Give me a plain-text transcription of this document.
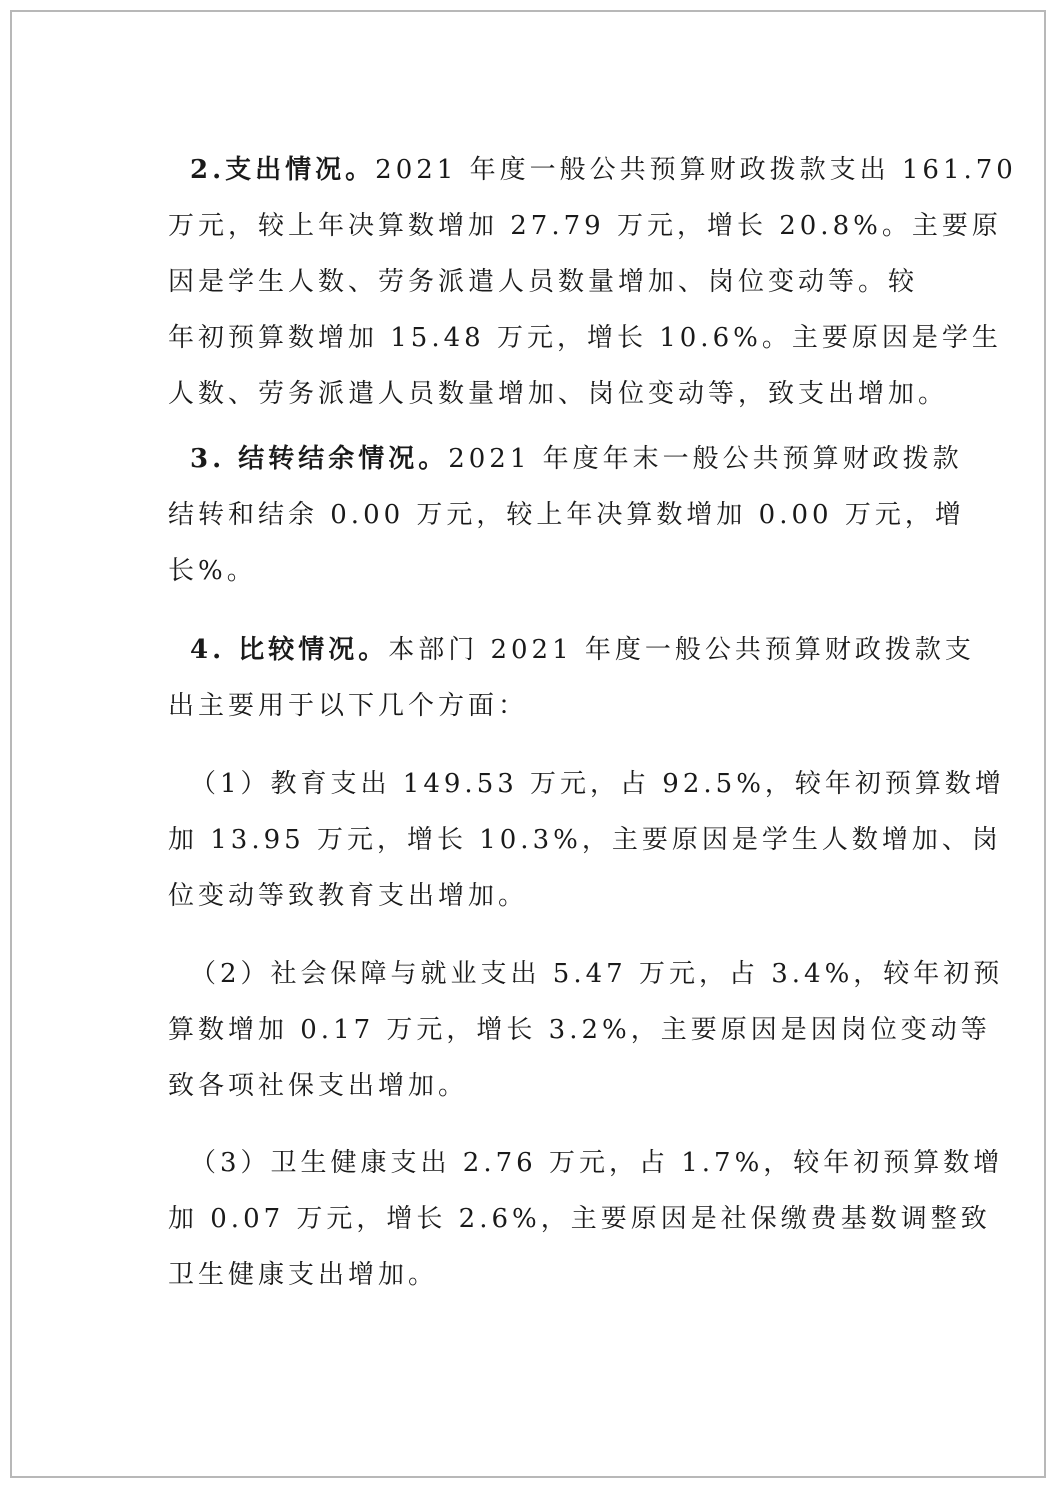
2.支出情况。2021 年度一般公共预算财政拨款支出 161.70
万元，较上年决算数增加 27.79 万元，增长 20.8%。主要原
因是学生人数、劳务派遣人员数量增加、岗位变动等。较
年初预算数增加 15.48 万元，增长 10.6%。主要原因是学生
人数、劳务派遣人员数量增加、岗位变动等，致支出增加。
3. 结转结余情况。2021 年度年末一般公共预算财政拨款
结转和结余 0.00 万元，较上年决算数增加 0.00 万元，增
长%。
4. 比较情况。本部门 2021 年度一般公共预算财政拨款支
出主要用于以下几个方面：
（1）教育支出 149.53 万元，占 92.5%，较年初预算数增
加 13.95 万元，增长 10.3%，主要原因是学生人数增加、岗
位变动等致教育支出增加。
（2）社会保障与就业支出 5.47 万元，占 3.4%，较年初预
算数增加 0.17 万元，增长 3.2%，主要原因是因岗位变动等
致各项社保支出增加。
（3）卫生健康支出 2.76 万元，占 1.7%，较年初预算数增
加 0.07 万元，增长 2.6%，主要原因是社保缴费基数调整致
卫生健康支出增加。
